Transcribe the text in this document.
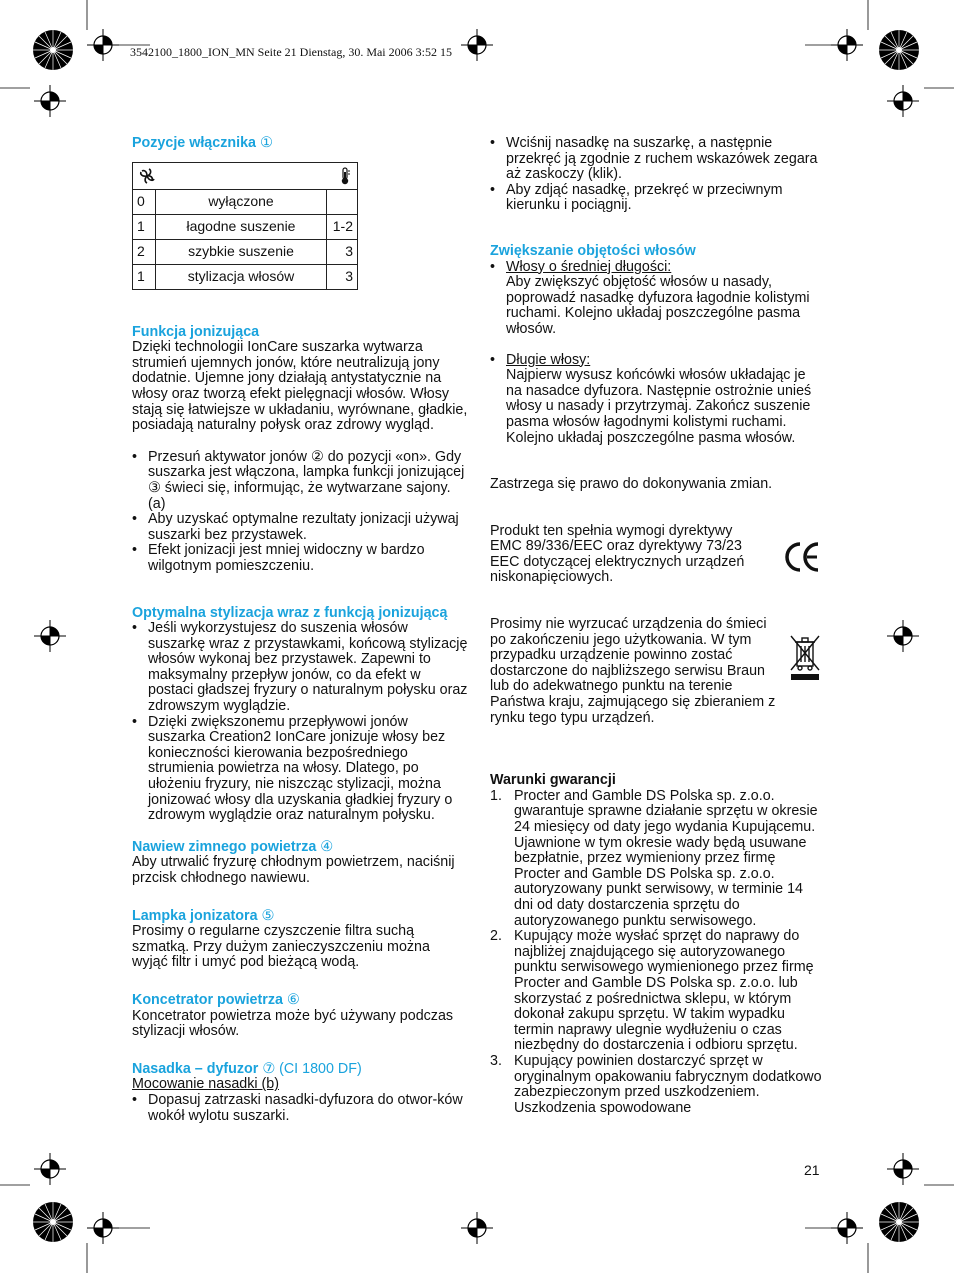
3542100_1800_ION_MN Seite 21 Dienstag, 30. Mai 2006 3:52 15

Pozycje włącznika ①

0	wyłączone	
1	łagodne suszenie	1-2
2	szybkie suszenie	3
1	stylizacja włosów	3

Funkcja jonizująca

Dzięki technologii IonCare suszarka wytwarza strumień ujemnych jonów, które neutralizują jony dodatnie. Ujemne jony działają antystatycznie na włosy oraz tworzą efekt pielęgnacji włosów. Włosy stają się łatwiejsze w układaniu, wyrównane, gładkie, posiadają naturalny połysk oraz zdrowy wygląd.

• Przesuń aktywator jonów ② do pozycji «on». Gdy suszarka jest włączona, lampka funkcji jonizującej ③ świeci się, informując, że wytwarzane sajony. (a)
• Aby uzyskać optymalne rezultaty jonizacji używaj suszarki bez przystawek.
• Efekt jonizacji jest mniej widoczny w bardzo wilgotnym pomieszczeniu.

Optymalna stylizacja wraz z funkcją jonizującą

• Jeśli wykorzystujesz do suszenia włosów suszarkę wraz z przystawkami, końcową stylizację włosów wykonaj bez przystawek. Zapewni to maksymalny przepływ jonów, co da efekt w postaci gładszej fryzury o naturalnym połysku oraz zdrowszym wyglądzie.
• Dzięki zwiększonemu przepływowi jonów suszarka Creation2 IonCare jonizuje włosy bez konieczności kierowania bezpośredniego strumienia powietrza na włosy. Dlatego, po ułożeniu fryzury, nie niszcząc stylizacji, można jonizować włosy dla uzyskania gładkiej fryzury o zdrowym wyglądzie oraz naturalnym połysku.

Nawiew zimnego powietrza ④

Aby utrwalić fryzurę chłodnym powietrzem, naciśnij przcisk chłodnego nawiewu.

Lampka jonizatora ⑤

Prosimy o regularne czyszczenie filtra suchą szmatką. Przy dużym zanieczyszczeniu można wyjąć filtr i umyć pod bieżącą wodą.

Koncetrator powietrza ⑥

Koncetrator powietrza może być używany podczas stylizacji włosów.

Nasadka – dyfuzor ⑦ (CI 1800 DF)

Mocowanie nasadki (b)

• Dopasuj zatrzaski nasadki-dyfuzora do otwor-ków wokół wylotu suszarki.
• Wciśnij nasadkę na suszarkę, a następnie przekręć ją zgodnie z ruchem wskazówek zegara aż zaskoczy (klik).
• Aby zdjąć nasadkę, przekręć w przeciwnym kierunku i pociągnij.

Zwiększanie objętości włosów

• Włosy o średniej długości:
Aby zwiększyć objętość włosów u nasady, poprowadź nasadkę dyfuzora łagodnie kolistymi ruchami. Kolejno układaj poszczególne pasma włosów.
• Długie włosy:
Najpierw wysusz końcówki włosów układając je na nasadce dyfuzora. Następnie ostrożnie unieś włosy u nasady i przytrzymaj. Zakończ suszenie pasma włosów łagodnymi kolistymi ruchami. Kolejno układaj poszczególne pasma włosów.

Zastrzega się prawo do dokonywania zmian.

Produkt ten spełnia wymogi dyrektywy EMC 89/336/EEC oraz dyrektywy 73/23 EEC dotyczącej elektrycznych urządzeń niskonapięciowych.

Prosimy nie wyrzucać urządzenia do śmieci po zakończeniu jego użytkowania. W tym przypadku urządzenie powinno zostać dostarczone do najbliższego serwisu Braun lub do adekwatnego punktu na terenie Państwa kraju, zajmującego się zbieraniem z rynku tego typu urządzeń.

Warunki gwarancji

1. Procter and Gamble DS Polska sp. z.o.o. gwarantuje sprawne działanie sprzętu w okresie 24 miesięcy od daty jego wydania Kupującemu. Ujawnione w tym okresie wady będą usuwane bezpłatnie, przez wymieniony przez firmę Procter and Gamble DS Polska sp. z.o.o. autoryzowany punkt serwisowy, w terminie 14 dni od daty dostarczenia sprzętu do autoryzowanego punktu serwisowego.
2. Kupujący może wysłać sprzęt do naprawy do najbliżej znajdującego się autoryzowanego punktu serwisowego wymienionego przez firmę Procter and Gamble DS Polska sp. z.o.o. lub skorzystać z pośrednictwa sklepu, w którym dokonał zakupu sprzętu. W takim wypadku termin naprawy ulegnie wydłużeniu o czas niezbędny do dostarczenia i odbioru sprzętu.
3. Kupujący powinien dostarczyć sprzęt w oryginalnym opakowaniu fabrycznym dodatkowo zabezpieczonym przed uszkodzeniem. Uszkodzenia spowodowane
21
